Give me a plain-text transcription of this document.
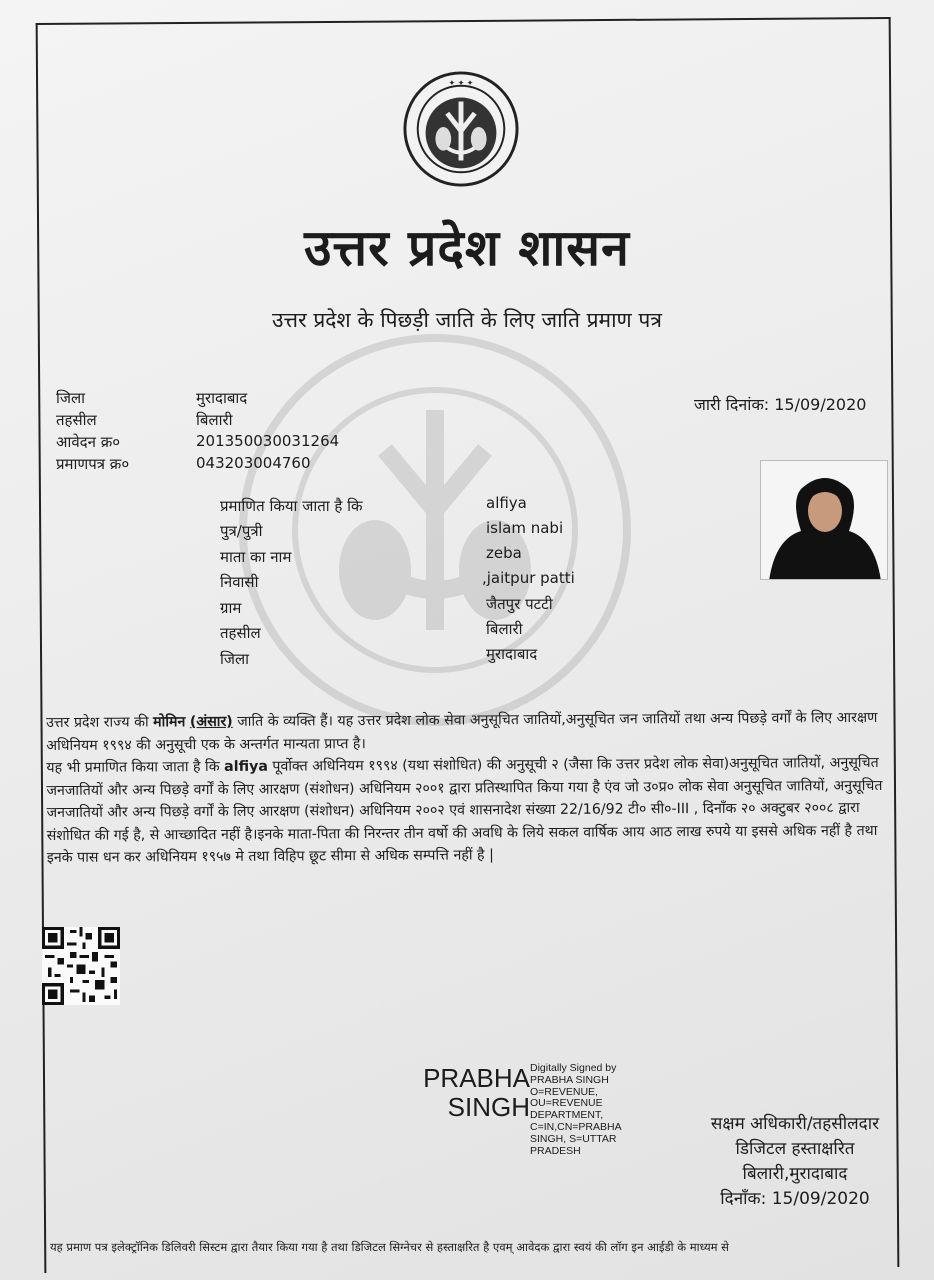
✦ ✦ ✦
उत्तर प्रदेश शासन
उत्तर प्रदेश के पिछड़ी जाति के लिए जाति प्रमाण पत्र
जिला	मुरादाबाद
तहसील	बिलारी
आवेदन क्र०	201350030031264
प्रमाणपत्र क्र०	043203004760
जारी दिनांक: 15/09/2020
प्रमाणित किया जाता है कि	alfiya
पुत्र/पुत्री	islam nabi
माता का नाम	zeba
निवासी	,jaitpur patti
ग्राम	जैतपुर पटटी
तहसील	बिलारी
जिला	मुरादाबाद
उत्तर प्रदेश राज्य की मोमिन (अंसार) जाति के व्यक्ति हैं। यह उत्तर प्रदेश लोक सेवा अनुसूचित जातियों,अनुसूचित जन जातियों तथा अन्य पिछड़े वर्गों के लिए आरक्षण अधिनियम १९९४ की अनुसूची एक के अन्तर्गत मान्यता प्राप्त है।
यह भी प्रमाणित किया जाता है कि alfiya पूर्वोक्त अधिनियम १९९४ (यथा संशोधित) की अनुसूची २ (जैसा कि उत्तर प्रदेश लोक सेवा)अनुसूचित जातियों, अनुसूचित जनजातियों और अन्य पिछड़े वर्गों के लिए आरक्षण (संशोधन) अधिनियम २००१ द्वारा प्रतिस्थापित किया गया है एंव जो उ०प्र० लोक सेवा अनुसूचित जातियों, अनुसूचित जनजातियों और अन्य पिछड़े वर्गों के लिए आरक्षण (संशोधन) अधिनियम २००२ एवं शासनादेश संख्या 22/16/92 टी० सी०-III , दिनाँक २० अक्टुबर २००८ द्वारा संशोधित की गई है, से आच्छादित नहीं है।इनके माता-पिता की निरन्तर तीन वर्षो की अवधि के लिये सकल वार्षिक आय आठ लाख रुपये या इससे अधिक नहीं है तथा इनके पास धन कर अधिनियम १९५७ मे तथा विहिप छूट सीमा से अधिक सम्पत्ति नहीं है |
PRABHA
SINGH
Digitally Signed by PRABHA SINGH O=REVENUE, OU=REVENUE DEPARTMENT, C=IN,CN=PRABHA SINGH, S=UTTAR PRADESH
सक्षम अधिकारी/तहसीलदार
डिजिटल हस्ताक्षरित
बिलारी,मुरादाबाद
दिनाँक: 15/09/2020
यह प्रमाण पत्र इलेक्ट्रॉनिक डिलिवरी सिस्टम द्वारा तैयार किया गया है तथा डिजिटल सिग्नेचर से हस्ताक्षरित है एवम् आवेदक द्वारा स्वयं की लॉग इन आईडी के माध्यम से
